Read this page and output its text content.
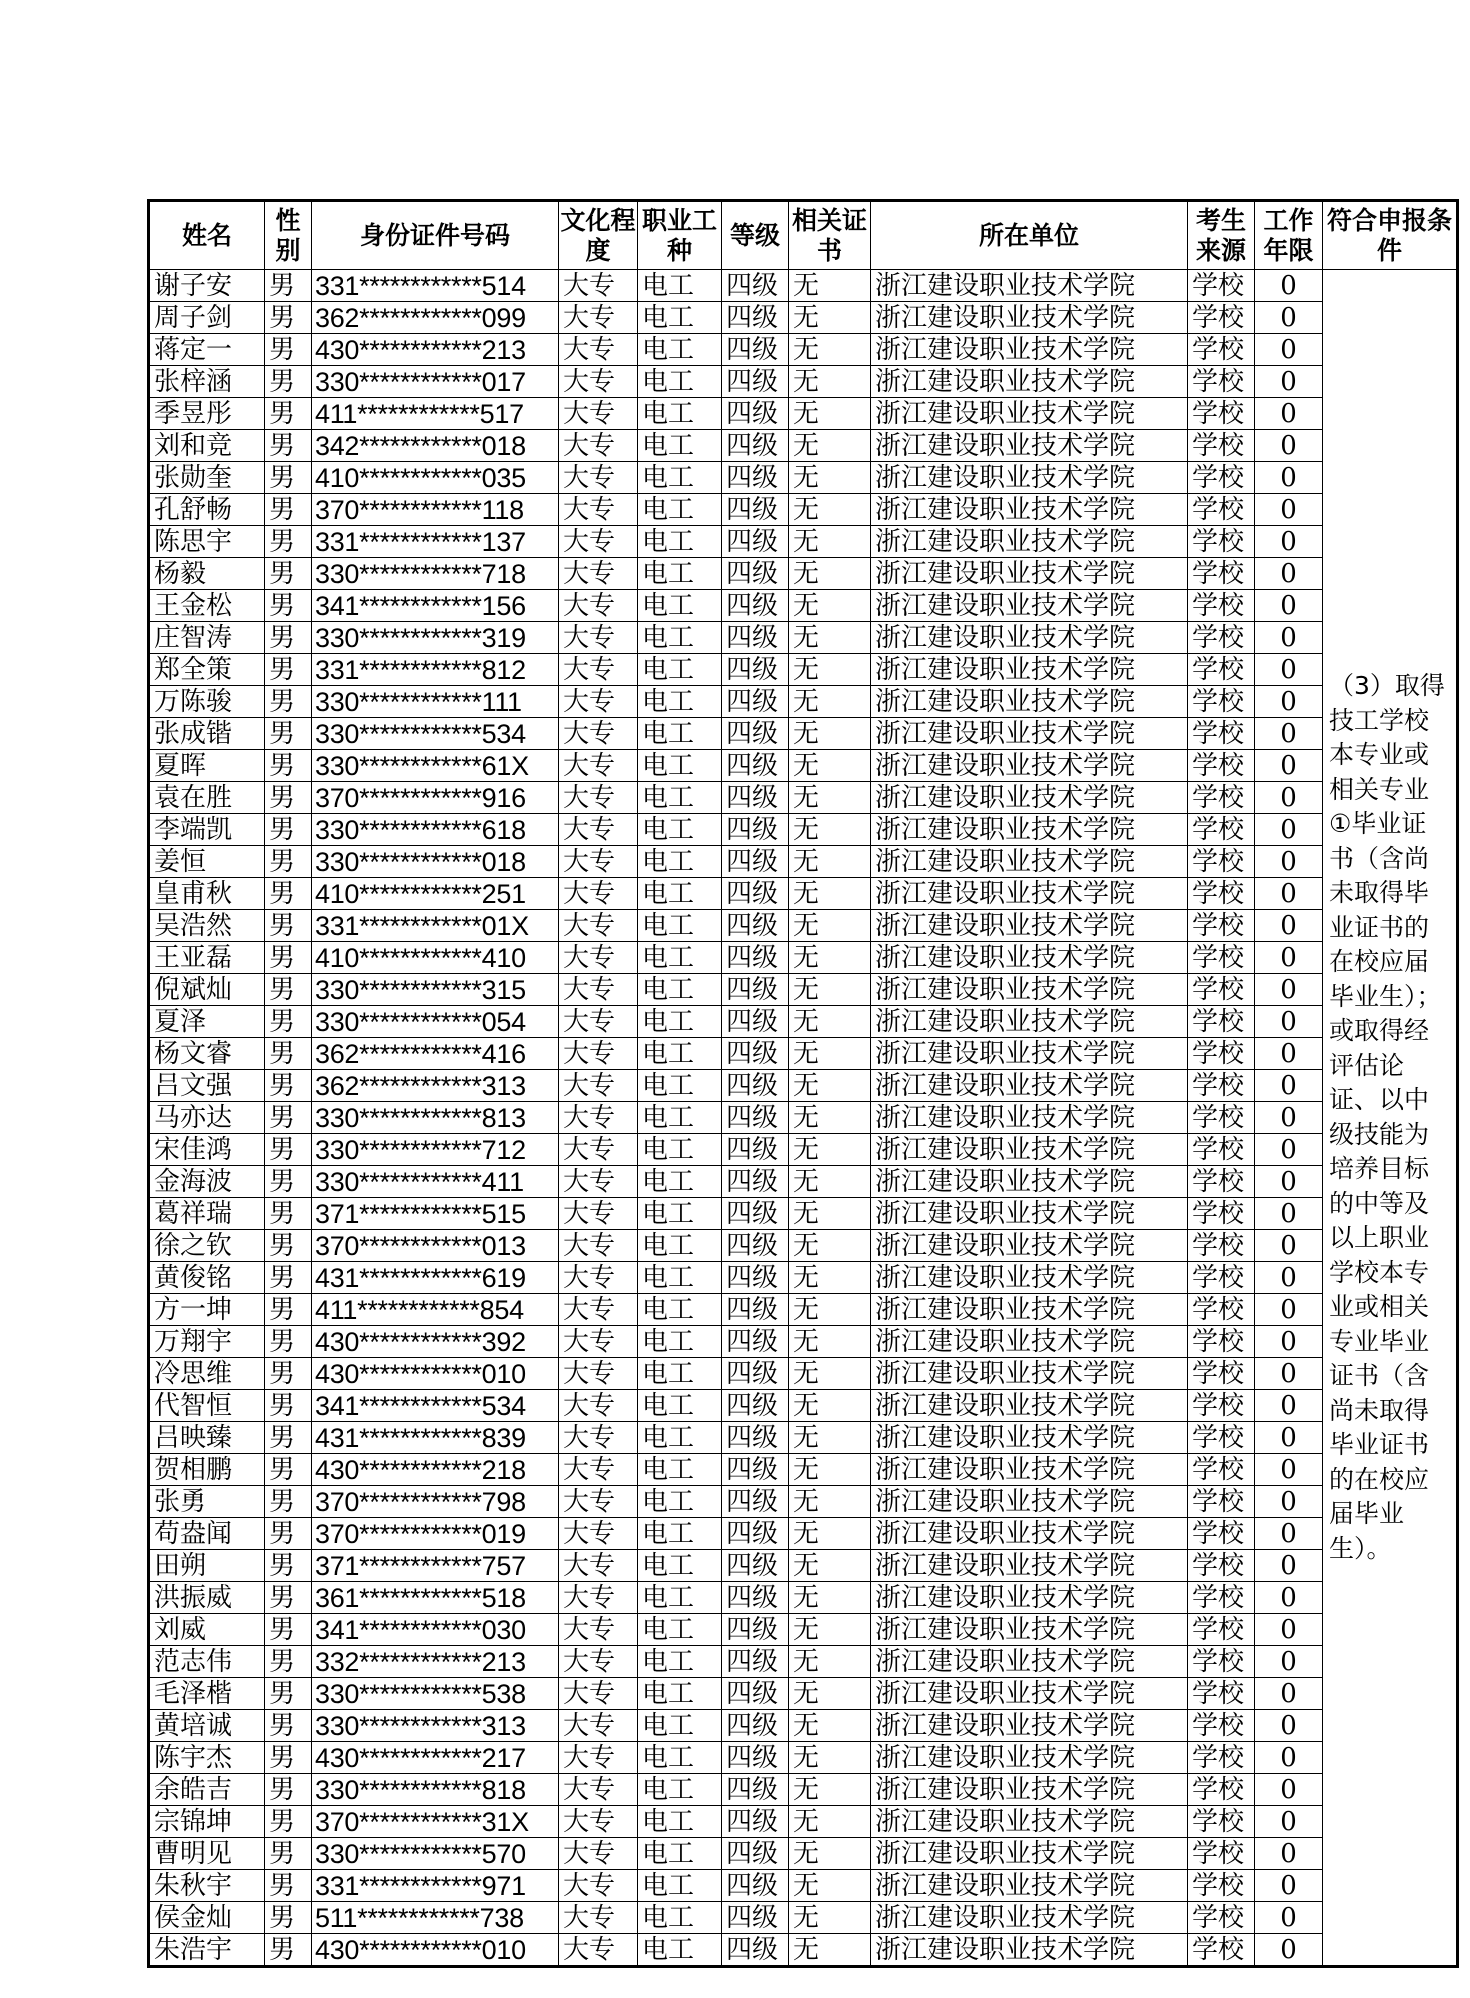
姓名	性别	身份证件号码	文化程度	职业工种	等级	相关证书	所在单位	考生来源	工作年限	符合申报条件
谢子安	男	331************514	大专	电工	四级	无	浙江建设职业技术学院	学校	0	（3）取得技工学校本专业或相关专业①毕业证书（含尚未取得毕业证书的在校应届毕业生）；或取得经评估论证、以中级技能为培养目标的中等及以上职业学校本专业或相关专业毕业证书（含尚未取得毕业证书的在校应届毕业生）。
周子剑	男	362************099	大专	电工	四级	无	浙江建设职业技术学院	学校	0	
蒋定一	男	430************213	大专	电工	四级	无	浙江建设职业技术学院	学校	0	
张梓涵	男	330************017	大专	电工	四级	无	浙江建设职业技术学院	学校	0	
季昱彤	男	411************517	大专	电工	四级	无	浙江建设职业技术学院	学校	0	
刘和竞	男	342************018	大专	电工	四级	无	浙江建设职业技术学院	学校	0	
张勋奎	男	410************035	大专	电工	四级	无	浙江建设职业技术学院	学校	0	
孔舒畅	男	370************118	大专	电工	四级	无	浙江建设职业技术学院	学校	0	
陈思宇	男	331************137	大专	电工	四级	无	浙江建设职业技术学院	学校	0	
杨毅	男	330************718	大专	电工	四级	无	浙江建设职业技术学院	学校	0	
王金松	男	341************156	大专	电工	四级	无	浙江建设职业技术学院	学校	0	
庄智涛	男	330************319	大专	电工	四级	无	浙江建设职业技术学院	学校	0	
郑全策	男	331************812	大专	电工	四级	无	浙江建设职业技术学院	学校	0	
万陈骏	男	330************111	大专	电工	四级	无	浙江建设职业技术学院	学校	0	
张成锴	男	330************534	大专	电工	四级	无	浙江建设职业技术学院	学校	0	
夏晖	男	330************61X	大专	电工	四级	无	浙江建设职业技术学院	学校	0	
袁在胜	男	370************916	大专	电工	四级	无	浙江建设职业技术学院	学校	0	
李端凯	男	330************618	大专	电工	四级	无	浙江建设职业技术学院	学校	0	
姜恒	男	330************018	大专	电工	四级	无	浙江建设职业技术学院	学校	0	
皇甫秋	男	410************251	大专	电工	四级	无	浙江建设职业技术学院	学校	0	
吴浩然	男	331************01X	大专	电工	四级	无	浙江建设职业技术学院	学校	0	
王亚磊	男	410************410	大专	电工	四级	无	浙江建设职业技术学院	学校	0	
倪斌灿	男	330************315	大专	电工	四级	无	浙江建设职业技术学院	学校	0	
夏泽	男	330************054	大专	电工	四级	无	浙江建设职业技术学院	学校	0	
杨文睿	男	362************416	大专	电工	四级	无	浙江建设职业技术学院	学校	0	
吕文强	男	362************313	大专	电工	四级	无	浙江建设职业技术学院	学校	0	
马亦达	男	330************813	大专	电工	四级	无	浙江建设职业技术学院	学校	0	
宋佳鸿	男	330************712	大专	电工	四级	无	浙江建设职业技术学院	学校	0	
金海波	男	330************411	大专	电工	四级	无	浙江建设职业技术学院	学校	0	
葛祥瑞	男	371************515	大专	电工	四级	无	浙江建设职业技术学院	学校	0	
徐之钦	男	370************013	大专	电工	四级	无	浙江建设职业技术学院	学校	0	
黄俊铭	男	431************619	大专	电工	四级	无	浙江建设职业技术学院	学校	0	
方一坤	男	411************854	大专	电工	四级	无	浙江建设职业技术学院	学校	0	
万翔宇	男	430************392	大专	电工	四级	无	浙江建设职业技术学院	学校	0	
冷思维	男	430************010	大专	电工	四级	无	浙江建设职业技术学院	学校	0	
代智恒	男	341************534	大专	电工	四级	无	浙江建设职业技术学院	学校	0	
吕映臻	男	431************839	大专	电工	四级	无	浙江建设职业技术学院	学校	0	
贺相鹏	男	430************218	大专	电工	四级	无	浙江建设职业技术学院	学校	0	
张勇	男	370************798	大专	电工	四级	无	浙江建设职业技术学院	学校	0	
苟盎闻	男	370************019	大专	电工	四级	无	浙江建设职业技术学院	学校	0	
田朔	男	371************757	大专	电工	四级	无	浙江建设职业技术学院	学校	0	
洪振威	男	361************518	大专	电工	四级	无	浙江建设职业技术学院	学校	0	
刘威	男	341************030	大专	电工	四级	无	浙江建设职业技术学院	学校	0	
范志伟	男	332************213	大专	电工	四级	无	浙江建设职业技术学院	学校	0	
毛泽楷	男	330************538	大专	电工	四级	无	浙江建设职业技术学院	学校	0	
黄培诚	男	330************313	大专	电工	四级	无	浙江建设职业技术学院	学校	0	
陈宇杰	男	430************217	大专	电工	四级	无	浙江建设职业技术学院	学校	0	
余皓吉	男	330************818	大专	电工	四级	无	浙江建设职业技术学院	学校	0	
宗锦坤	男	370************31X	大专	电工	四级	无	浙江建设职业技术学院	学校	0	
曹明见	男	330************570	大专	电工	四级	无	浙江建设职业技术学院	学校	0	
朱秋宇	男	331************971	大专	电工	四级	无	浙江建设职业技术学院	学校	0	
侯金灿	男	511************738	大专	电工	四级	无	浙江建设职业技术学院	学校	0	
朱浩宇	男	430************010	大专	电工	四级	无	浙江建设职业技术学院	学校	0	
